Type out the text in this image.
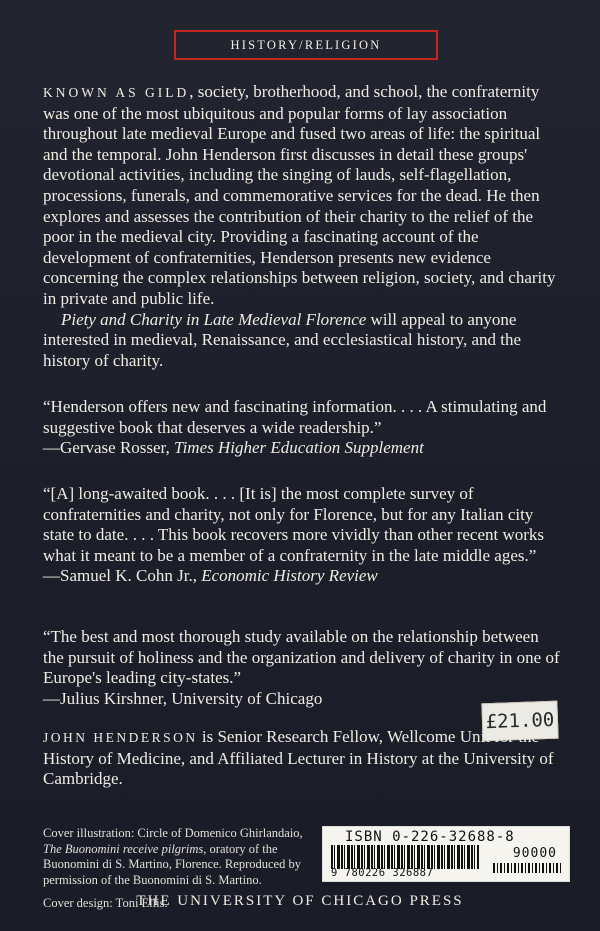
HISTORY/RELIGION
KNOWN AS GILD, society, brotherhood, and school, the confraternity was one of the most ubiquitous and popular forms of lay association throughout late medieval Europe and fused two areas of life: the spiritual and the temporal. John Henderson first discusses in detail these groups' devotional activities, including the singing of lauds, self-flagellation, processions, funerals, and commemorative services for the dead. He then explores and assesses the contribution of their charity to the relief of the poor in the medieval city. Providing a fascinating account of the development of confraternities, Henderson presents new evidence concerning the complex relationships between religion, society, and charity in private and public life.
Piety and Charity in Late Medieval Florence will appeal to anyone interested in medieval, Renaissance, and ecclesiastical history, and the history of charity.
“Henderson offers new and fascinating information. . . . A stimulating and suggestive book that deserves a wide readership.”
—Gervase Rosser, Times Higher Education Supplement
“[A] long-awaited book. . . . [It is] the most complete survey of confraternities and charity, not only for Florence, but for any Italian city state to date. . . . This book recovers more vividly than other recent works what it meant to be a member of a confraternity in the late middle ages.”
—Samuel K. Cohn Jr., Economic History Review
“The best and most thorough study available on the relationship between the pursuit of holiness and the organization and delivery of charity in one of Europe's leading city-states.”
—Julius Kirshner, University of Chicago
£21.00
JOHN HENDERSON is Senior Research Fellow, Wellcome Unit for the History of Medicine, and Affiliated Lecturer in History at the University of Cambridge.
Cover illustration: Circle of Domenico Ghirlandaio, The Buonomini receive pilgrims, oratory of the Buonomini di S. Martino, Florence. Reproduced by permission of the Buonomini di S. Martino.
Cover design: Toni Ellis.
ISBN 0-226-32688-8
90000
9 780226 326887
THE UNIVERSITY OF CHICAGO PRESS
